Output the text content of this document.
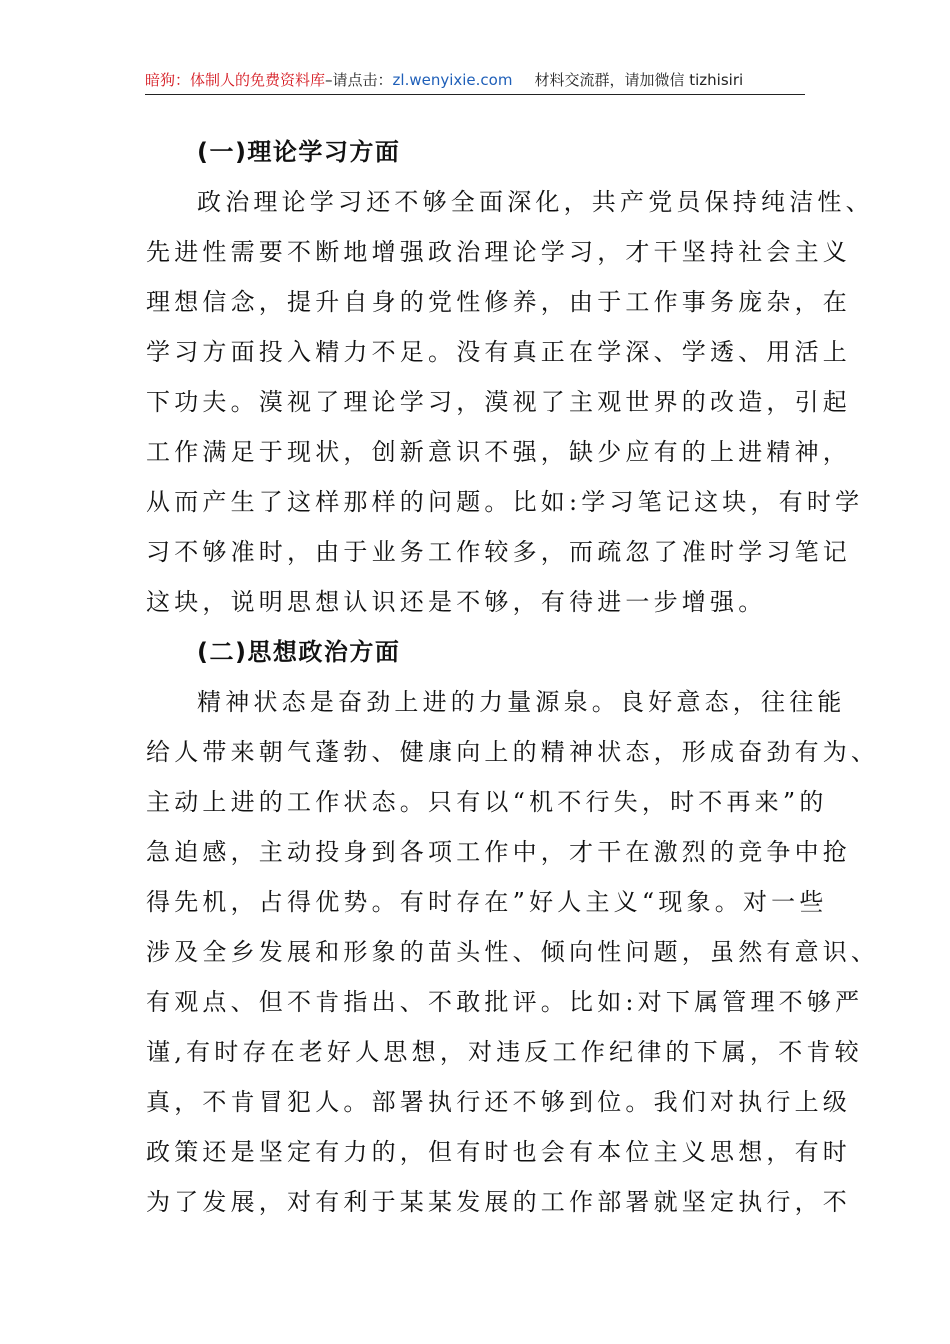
暗狗：体制人的免费资料库–请点击：zl.wenyixie.com 材料交流群，请加微信 tizhisiri
(一)理论学习方面
政治理论学习还不够全面深化，共产党员保持纯洁性、
先进性需要不断地增强政治理论学习，才干坚持社会主义
理想信念，提升自身的党性修养，由于工作事务庞杂，在
学习方面投入精力不足。没有真正在学深、学透、用活上
下功夫。漠视了理论学习，漠视了主观世界的改造，引起
工作满足于现状，创新意识不强，缺少应有的上进精神，
从而产生了这样那样的问题。比如:学习笔记这块，有时学
习不够准时，由于业务工作较多，而疏忽了准时学习笔记
这块，说明思想认识还是不够，有待进一步增强。
(二)思想政治方面
精神状态是奋劲上进的力量源泉。良好意态，往往能
给人带来朝气蓬勃、健康向上的精神状态，形成奋劲有为、
主动上进的工作状态。只有以“机不行失，时不再来”的
急迫感，主动投身到各项工作中，才干在激烈的竞争中抢
得先机，占得优势。有时存在”好人主义“现象。对一些
涉及全乡发展和形象的苗头性、倾向性问题，虽然有意识、
有观点、但不肯指出、不敢批评。比如:对下属管理不够严
谨,有时存在老好人思想，对违反工作纪律的下属，不肯较
真，不肯冒犯人。部署执行还不够到位。我们对执行上级
政策还是坚定有力的，但有时也会有本位主义思想，有时
为了发展，对有利于某某发展的工作部署就坚定执行，不
